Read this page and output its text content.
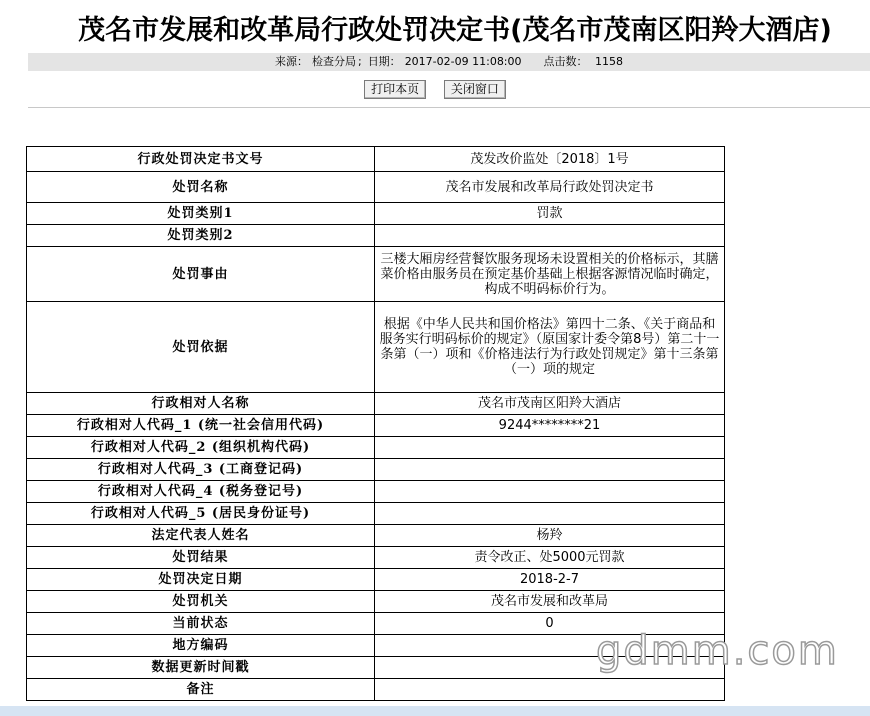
茂名市发展和改革局行政处罚决定书(茂名市茂南区阳羚大酒店)
来源： 检查分局 ; 日期： 2017-02-09 11:08:00 点击数： 1158
打印本页	关闭窗口
行政处罚决定书文号	茂发改价监处〔2018〕1号
处罚名称	茂名市发展和改革局行政处罚决定书
处罚类别1	罚款
处罚类别2	
处罚事由	三楼大厢房经营餐饮服务现场未设置相关的价格标示，其膳菜价格由服务员在预定基价基础上根据客源情况临时确定，构成不明码标价行为。
处罚依据	根据《中华人民共和国价格法》第四十二条、《关于商品和服务实行明码标价的规定》（原国家计委令第8号）第二十一条第（一）项和《价格违法行为行政处罚规定》第十三条第（一）项的规定
行政相对人名称	茂名市茂南区阳羚大酒店
行政相对人代码_1 (统一社会信用代码)	9244********21
行政相对人代码_2 (组织机构代码)	
行政相对人代码_3 (工商登记码)	
行政相对人代码_4 (税务登记号)	
行政相对人代码_5 (居民身份证号)	
法定代表人姓名	杨羚
处罚结果	责令改正、处5000元罚款
处罚决定日期	2018-2-7
处罚机关	茂名市发展和改革局
当前状态	0
地方编码	
数据更新时间戳	
备注	
gdmm.com
